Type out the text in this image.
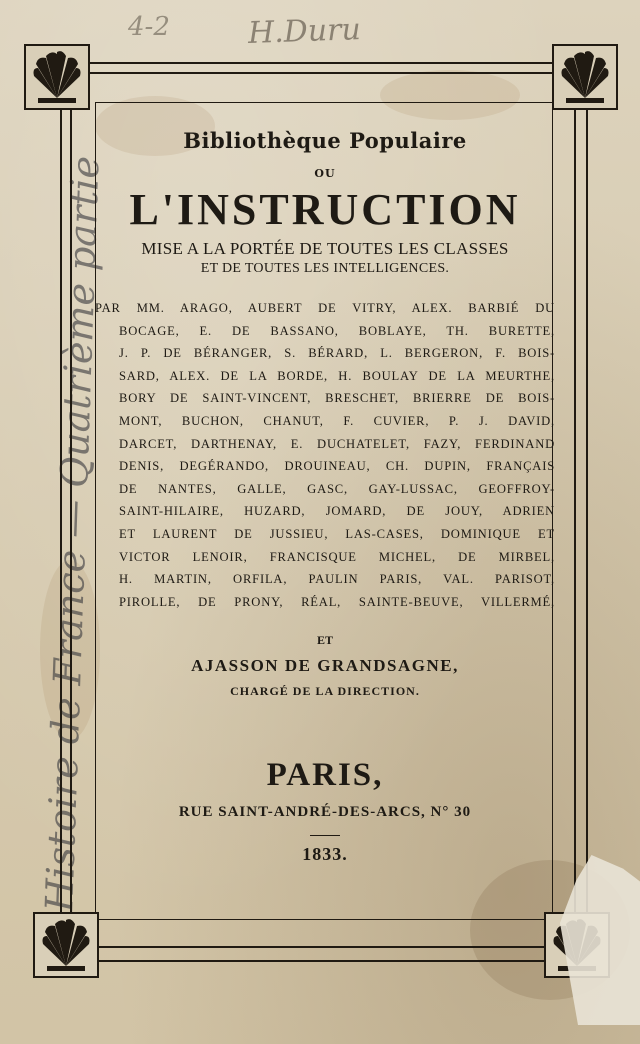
4-2	H.Duru
Histoire de France — Quatrième partie
Bibliothèque Populaire
OU
L'INSTRUCTION
MISE A LA PORTÉE DE TOUTES LES CLASSES
ET DE TOUTES LES INTELLIGENCES.
PAR MM. ARAGO, AUBERT DE VITRY, ALEX. BARBIÉ DU
BOCAGE, E. DE BASSANO, BOBLAYE, TH. BURETTE,
J. P. DE BÉRANGER, S. BÉRARD, L. BERGERON, F. BOIS-
SARD, ALEX. DE LA BORDE, H. BOULAY DE LA MEURTHE,
BORY DE SAINT-VINCENT, BRESCHET, BRIERRE DE BOIS-
MONT, BUCHON, CHANUT, F. CUVIER, P. J. DAVID,
DARCET, DARTHENAY, E. DUCHATELET, FAZY, FERDINAND
DENIS, DEGÉRANDO, DROUINEAU, CH. DUPIN, FRANÇAIS
DE NANTES, GALLE, GASC, GAY-LUSSAC, GEOFFROY-
SAINT-HILAIRE, HUZARD, JOMARD, DE JOUY, ADRIEN
ET LAURENT DE JUSSIEU, LAS-CASES, DOMINIQUE ET
VICTOR LENOIR, FRANCISQUE MICHEL, DE MIRBEL,
H. MARTIN, ORFILA, PAULIN PARIS, VAL. PARISOT,
PIROLLE, DE PRONY, RÉAL, SAINTE-BEUVE, VILLERMÉ,
ET
AJASSON DE GRANDSAGNE,
CHARGÉ DE LA DIRECTION.
PARIS,
RUE SAINT-ANDRÉ-DES-ARCS, N° 30
1833.
